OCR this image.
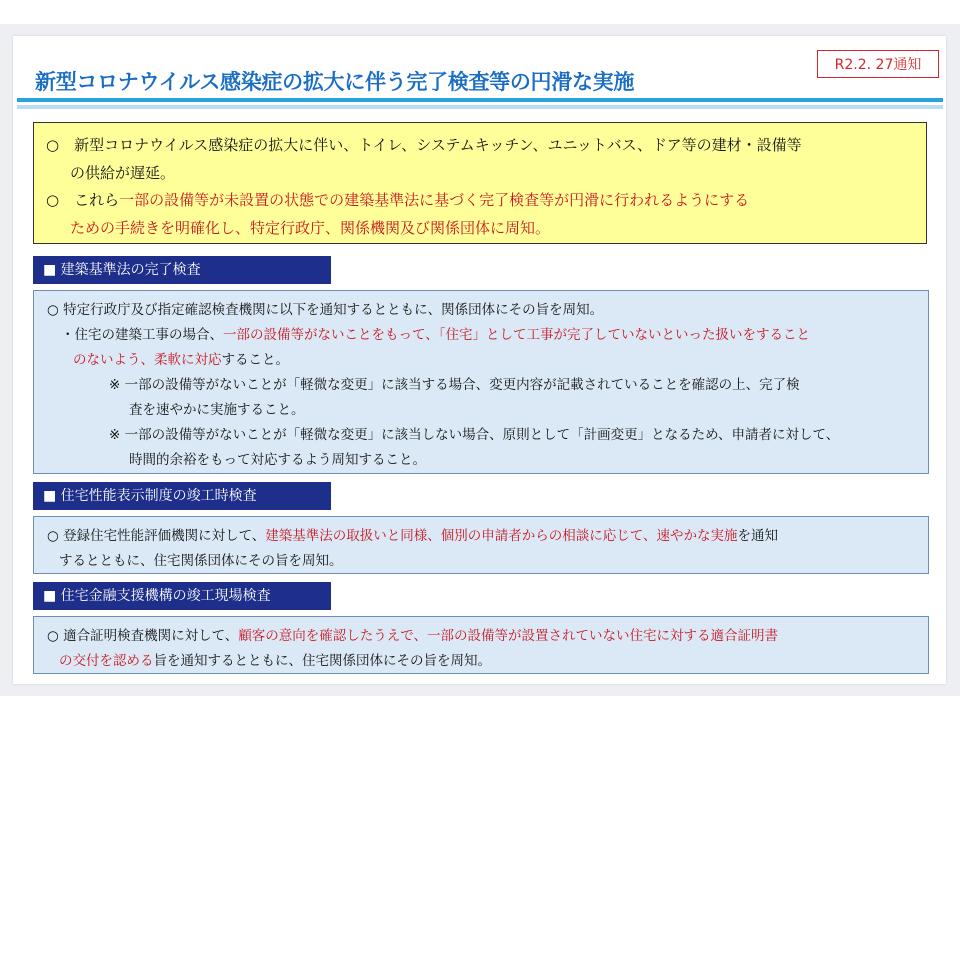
新型コロナウイルス感染症の拡大に伴う完了検査等の円滑な実施
R2.2. 27通知

○　新型コロナウイルス感染症の拡大に伴い、トイレ、システムキッチン、ユニットバス、ドア等の建材・設備等

の供給が遅延。

○　これら一部の設備等が未設置の状態での建築基準法に基づく完了検査等が円滑に行われるようにする

ための手続きを明確化し、特定行政庁、関係機関及び関係団体に周知。

■ 建築基準法の完了検査

○ 特定行政庁及び指定確認検査機関に以下を通知するとともに、関係団体にその旨を周知。

・住宅の建築工事の場合、一部の設備等がないことをもって、「住宅」として工事が完了していないといった扱いをすること

のないよう、柔軟に対応すること。

※ 一部の設備等がないことが「軽微な変更」に該当する場合、変更内容が記載されていることを確認の上、完了検

査を速やかに実施すること。

※ 一部の設備等がないことが「軽微な変更」に該当しない場合、原則として「計画変更」となるため、申請者に対して、

時間的余裕をもって対応するよう周知すること。

■ 住宅性能表示制度の竣工時検査

○ 登録住宅性能評価機関に対して、建築基準法の取扱いと同様、個別の申請者からの相談に応じて、速やかな実施を通知

するとともに、住宅関係団体にその旨を周知。

■ 住宅金融支援機構の竣工現場検査

○ 適合証明検査機関に対して、顧客の意向を確認したうえで、一部の設備等が設置されていない住宅に対する適合証明書

の交付を認める旨を通知するとともに、住宅関係団体にその旨を周知。
